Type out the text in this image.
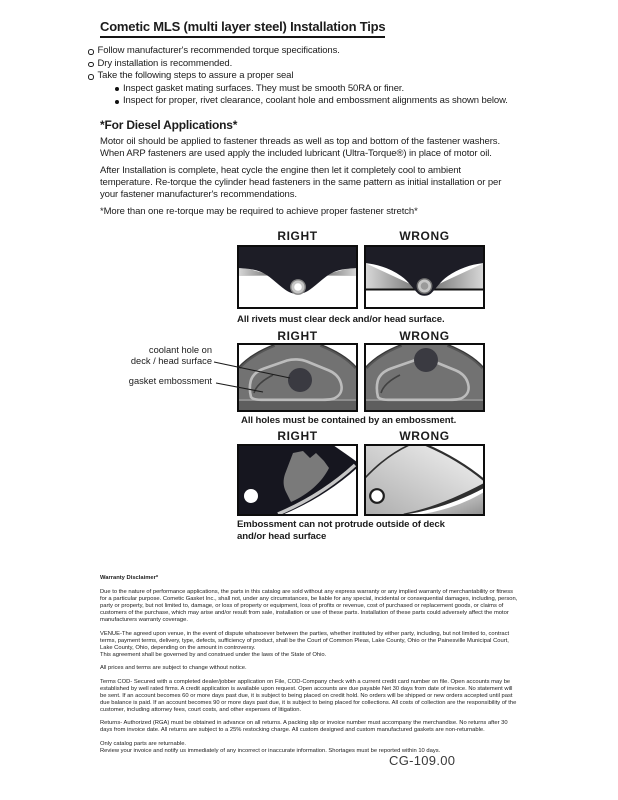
Cometic MLS (multi layer steel) Installation Tips
Follow manufacturer's recommended torque specifications.
Dry installation is recommended.
Take the following steps to assure a proper seal
Inspect gasket mating surfaces. They must be smooth 50RA or finer.
Inspect for proper, rivet clearance, coolant hole and embossment alignments as shown below.
*For Diesel Applications*

Motor oil should be applied to fastener threads as well as top and bottom of the fastener washers. When ARP fasteners are used apply the included lubricant (Ultra-Torque®) in place of motor oil.

After Installation is complete, heat cycle the engine then let it completely cool to ambient temperature. Re-torque the cylinder head fasteners in the same pattern as initial installation or per your fastener manufacturer's recommendations.

*More than one re-torque may be required to achieve proper fastener stretch*

RIGHT	WRONG
All rivets must clear deck and/or head surface.
RIGHT	WRONG
All holes must be contained by an embossment.
coolant hole on
deck / head surface
gasket embossment
RIGHT	WRONG
Embossment can not protrude outside of deck and/or head surface
Warranty Disclaimer*

Due to the nature of performance applications, the parts in this catalog are sold without any express warranty or any implied warranty of merchantability or fitness for a particular purpose. Cometic Gasket Inc., shall not, under any circumstances, be liable for any special, incidental or consequential damages, including, person, party or property, but not limited to, damage, or loss of property or equipment, loss of profits or revenue, cost of purchased or replacement goods, or claims of customers of the purchase, which may arise and/or result from sale, installation or use of these parts. Installation of these parts could adversely affect the motor manufacturers warranty coverage.

VENUE-The agreed upon venue, in the event of dispute whatsoever between the parties, whether instituted by either party, including, but not limited to, contract terms, payment terms, delivery, type, defects, sufficiency of product, shall be the Court of Common Pleas, Lake County, Ohio or the Painesville Municipal Court, Lake County, Ohio, depending on the amount in controversy.

This agreement shall be governed by and construed under the laws of the State of Ohio.

All prices and terms are subject to change without notice.

Terms COD- Secured with a completed dealer/jobber application on File, COD-Company check with a current credit card number on file. Open accounts may be established by well rated firms. A credit application is available upon request. Open accounts are due payable Net 30 days from date of invoice. No statement will be sent. If an account becomes 60 or more days past due, it is subject to being placed on credit hold. No orders will be shipped or new orders accepted until past due balance is paid. If an account becomes 90 or more days past due, it is subject to being placed for collections. All costs of collection are the responsibility of the customer, including attorney fees, court costs, and other expenses of litigation.

Returns- Authorized (RGA) must be obtained in advance on all returns. A packing slip or invoice number must accompany the merchandise. No returns after 30 days from invoice date. All returns are subject to a 25% restocking charge. All custom designed and custom manufactured gaskets are non-returnable.

Only catalog parts are returnable.

Review your invoice and notify us immediately of any incorrect or inaccurate information. Shortages must be reported within 10 days.

CG-109.00
